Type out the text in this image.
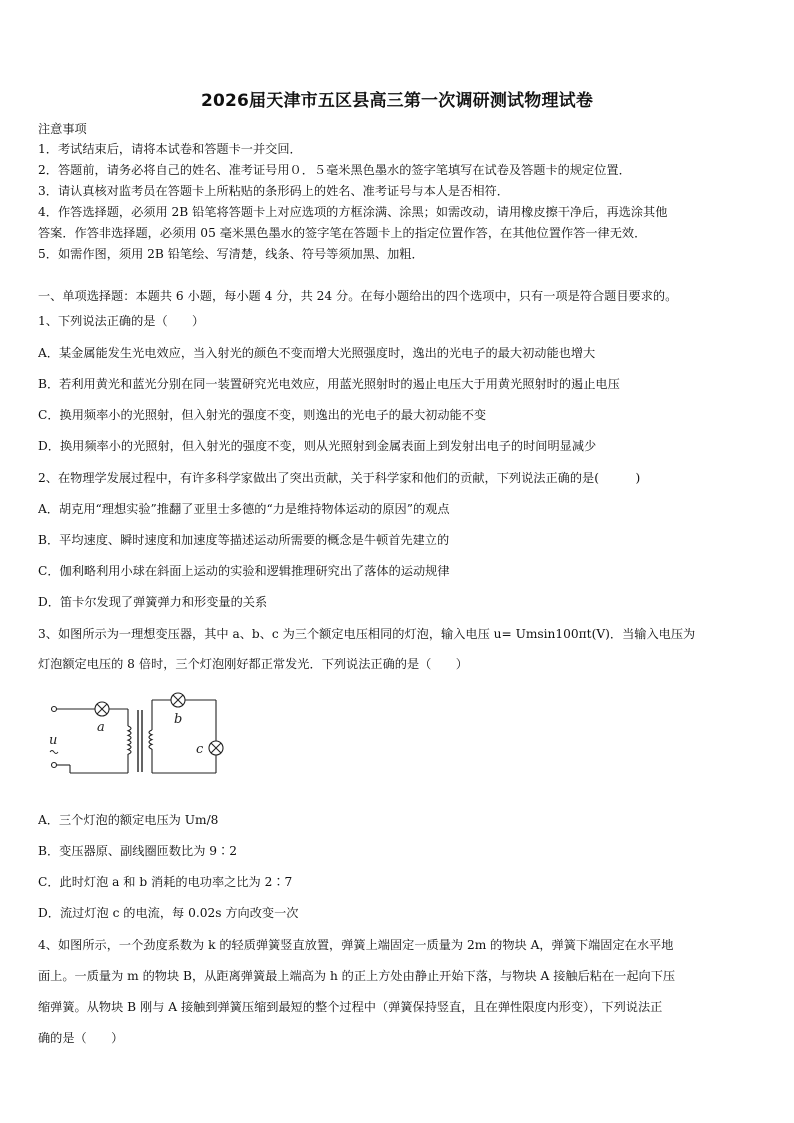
2026届天津市五区县高三第一次调研测试物理试卷
注意事项
1．考试结束后，请将本试卷和答题卡一并交回．
2．答题前，请务必将自己的姓名、准考证号用０．５毫米黑色墨水的签字笔填写在试卷及答题卡的规定位置．
3．请认真核对监考员在答题卡上所粘贴的条形码上的姓名、准考证号与本人是否相符．
4．作答选择题，必须用 2B 铅笔将答题卡上对应选项的方框涂满、涂黑；如需改动，请用橡皮擦干净后，再选涂其他
答案．作答非选择题，必须用 05 毫米黑色墨水的签字笔在答题卡上的指定位置作答，在其他位置作答一律无效．
5．如需作图，须用 2B 铅笔绘、写清楚，线条、符号等须加黑、加粗．
一、单项选择题：本题共 6 小题，每小题 4 分，共 24 分。在每小题给出的四个选项中，只有一项是符合题目要求的。
1、下列说法正确的是（　　）
A．某金属能发生光电效应，当入射光的颜色不变而增大光照强度时，逸出的光电子的最大初动能也增大
B．若利用黄光和蓝光分别在同一装置研究光电效应，用蓝光照射时的遏止电压大于用黄光照射时的遏止电压
C．换用频率小的光照射，但入射光的强度不变，则逸出的光电子的最大初动能不变
D．换用频率小的光照射，但入射光的强度不变，则从光照射到金属表面上到发射出电子的时间明显减少
2、在物理学发展过程中，有许多科学家做出了突出贡献，关于科学家和他们的贡献，下列说法正确的是(　　　)
A．胡克用“理想实验”推翻了亚里士多德的“力是维持物体运动的原因”的观点
B．平均速度、瞬时速度和加速度等描述运动所需要的概念是牛顿首先建立的
C．伽利略利用小球在斜面上运动的实验和逻辑推理研究出了落体的运动规律
D．笛卡尔发现了弹簧弹力和形变量的关系
3、如图所示为一理想变压器，其中 a、b、c 为三个额定电压相同的灯泡，输入电压 u= Umsin100πt(V)．当输入电压为
灯泡额定电压的 8 倍时，三个灯泡刚好都正常发光．下列说法正确的是（　　）
a
b
c
u
A．三个灯泡的额定电压为 Um/8
B．变压器原、副线圈匝数比为 9∶2
C．此时灯泡 a 和 b 消耗的电功率之比为 2∶7
D．流过灯泡 c 的电流，每 0.02s 方向改变一次
4、如图所示，一个劲度系数为 k 的轻质弹簧竖直放置，弹簧上端固定一质量为 2m 的物块 A，弹簧下端固定在水平地
面上。一质量为 m 的物块 B，从距离弹簧最上端高为 h 的正上方处由静止开始下落，与物块 A 接触后粘在一起向下压
缩弹簧。从物块 B 刚与 A 接触到弹簧压缩到最短的整个过程中（弹簧保持竖直，且在弹性限度内形变），下列说法正
确的是（　　）
